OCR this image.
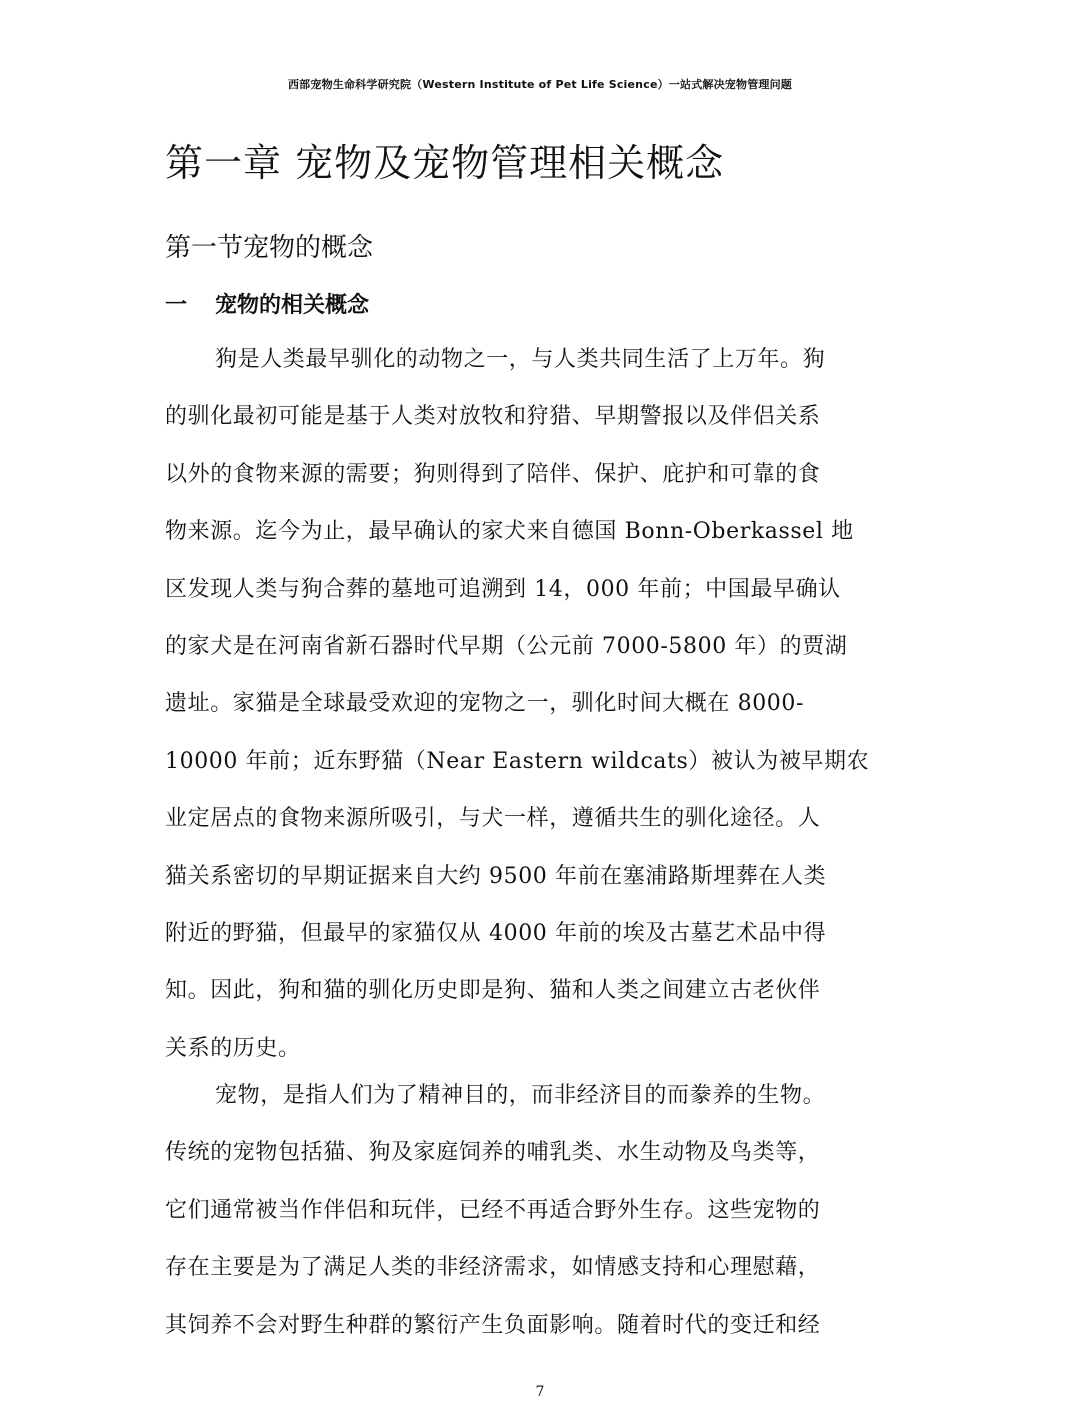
西部宠物生命科学研究院（Western Institute of Pet Life Science）一站式解决宠物管理问题
第一章 宠物及宠物管理相关概念
第一节宠物的概念
一 宠物的相关概念
狗是人类最早驯化的动物之一，与人类共同生活了上万年。狗
的驯化最初可能是基于人类对放牧和狩猎、早期警报以及伴侣关系
以外的食物来源的需要；狗则得到了陪伴、保护、庇护和可靠的食
物来源。迄今为止，最早确认的家犬来自德国 Bonn-Oberkassel 地
区发现人类与狗合葬的墓地可追溯到 14，000 年前；中国最早确认
的家犬是在河南省新石器时代早期（公元前 7000-5800 年）的贾湖
遗址。家猫是全球最受欢迎的宠物之一，驯化时间大概在 8000-
10000 年前；近东野猫（Near Eastern wildcats）被认为被早期农
业定居点的食物来源所吸引，与犬一样，遵循共生的驯化途径。人
猫关系密切的早期证据来自大约 9500 年前在塞浦路斯埋葬在人类
附近的野猫，但最早的家猫仅从 4000 年前的埃及古墓艺术品中得
知。因此，狗和猫的驯化历史即是狗、猫和人类之间建立古老伙伴
关系的历史。
宠物，是指人们为了精神目的，而非经济目的而豢养的生物。
传统的宠物包括猫、狗及家庭饲养的哺乳类、水生动物及鸟类等，
它们通常被当作伴侣和玩伴，已经不再适合野外生存。这些宠物的
存在主要是为了满足人类的非经济需求，如情感支持和心理慰藉，
其饲养不会对野生种群的繁衍产生负面影响。随着时代的变迁和经
7
